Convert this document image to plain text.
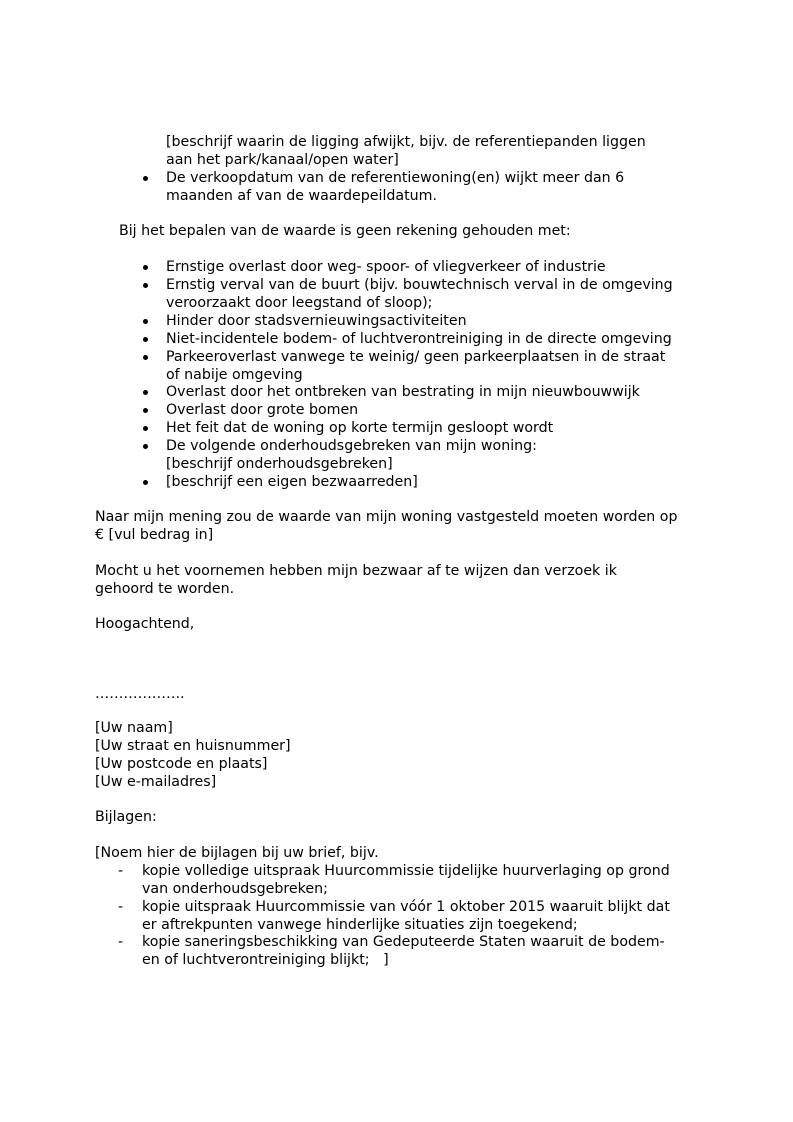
[beschrijf waarin de ligging afwijkt, bijv. de referentiepanden liggen
aan het park/kanaal/open water]
De verkoopdatum van de referentiewoning(en) wijkt meer dan 6
maanden af van de waardepeildatum.
Bij het bepalen van de waarde is geen rekening gehouden met:
Ernstige overlast door weg- spoor- of vliegverkeer of industrie
Ernstig verval van de buurt (bijv. bouwtechnisch verval in de omgeving
veroorzaakt door leegstand of sloop);
Hinder door stadsvernieuwingsactiviteiten
Niet-incidentele bodem- of luchtverontreiniging in de directe omgeving
Parkeeroverlast vanwege te weinig/ geen parkeerplaatsen in de straat
of nabije omgeving
Overlast door het ontbreken van bestrating in mijn nieuwbouwwijk
Overlast door grote bomen
Het feit dat de woning op korte termijn gesloopt wordt
De volgende onderhoudsgebreken van mijn woning:
[beschrijf onderhoudsgebreken]
[beschrijf een eigen bezwaarreden]
Naar mijn mening zou de waarde van mijn woning vastgesteld moeten worden op
€ [vul bedrag in]
Mocht u het voornemen hebben mijn bezwaar af te wijzen dan verzoek ik
gehoord te worden.
Hoogachtend,
……………….
[Uw naam]
[Uw straat en huisnummer]
[Uw postcode en plaats]
[Uw e-mailadres]
Bijlagen:
[Noem hier de bijlagen bij uw brief, bijv.
- kopie volledige uitspraak Huurcommissie tijdelijke huurverlaging op grond
van onderhoudsgebreken;
- kopie uitspraak Huurcommissie van vóór 1 oktober 2015 waaruit blijkt dat
er aftrekpunten vanwege hinderlijke situaties zijn toegekend;
- kopie saneringsbeschikking van Gedeputeerde Staten waaruit de bodem-
en of luchtverontreiniging blijkt;   ]
